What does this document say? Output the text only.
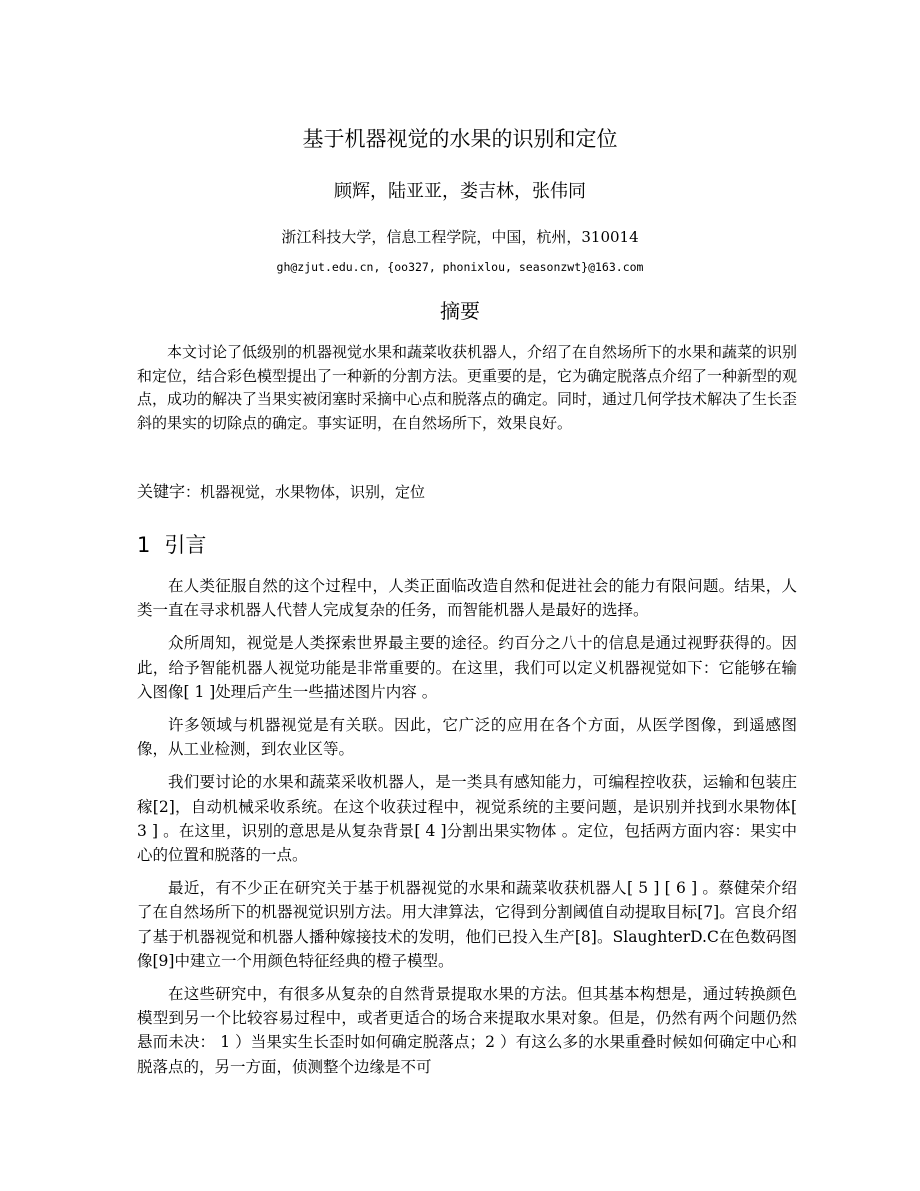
基于机器视觉的水果的识别和定位
顾辉，陆亚亚，娄吉林，张伟同
浙江科技大学，信息工程学院，中国，杭州，310014
gh@zjut.edu.cn, {oo327, phonixlou, seasonzwt}@163.com
摘要

本文讨论了低级别的机器视觉水果和蔬菜收获机器人，介绍了在自然场所下的水果和蔬菜的识别和定位，结合彩色模型提出了一种新的分割方法。更重要的是，它为确定脱落点介绍了一种新型的观点，成功的解决了当果实被闭塞时采摘中心点和脱落点的确定。同时，通过几何学技术解决了生长歪斜的果实的切除点的确定。事实证明，在自然场所下，效果良好。

关键字：机器视觉，水果物体，识别，定位
1 引言

在人类征服自然的这个过程中，人类正面临改造自然和促进社会的能力有限问题。结果，人类一直在寻求机器人代替人完成复杂的任务，而智能机器人是最好的选择。

众所周知，视觉是人类探索世界最主要的途径。约百分之八十的信息是通过视野获得的。因此，给予智能机器人视觉功能是非常重要的。在这里，我们可以定义机器视觉如下：它能够在输入图像[ 1 ]处理后产生一些描述图片内容 。

许多领域与机器视觉是有关联。因此，它广泛的应用在各个方面，从医学图像，到遥感图像，从工业检测，到农业区等。

我们要讨论的水果和蔬菜采收机器人，是一类具有感知能力，可编程控收获，运输和包装庄稼[2]，自动机械采收系统。在这个收获过程中，视觉系统的主要问题，是识别并找到水果物体[ 3 ] 。在这里，识别的意思是从复杂背景[ 4 ]分割出果实物体 。定位，包括两方面内容：果实中心的位置和脱落的一点。

最近，有不少正在研究关于基于机器视觉的水果和蔬菜收获机器人[ 5 ] [ 6 ] 。蔡健荣介绍了在自然场所下的机器视觉识别方法。用大津算法，它得到分割阈值自动提取目标[7]。宫良介绍了基于机器视觉和机器人播种嫁接技术的发明，他们已投入生产[8]。SlaughterD.C在色数码图像[9]中建立一个用颜色特征经典的橙子模型。

在这些研究中，有很多从复杂的自然背景提取水果的方法。但其基本构想是，通过转换颜色模型到另一个比较容易过程中，或者更适合的场合来提取水果对象。但是，仍然有两个问题仍然悬而未决： 1 ）当果实生长歪时如何确定脱落点；2 ）有这么多的水果重叠时候如何确定中心和脱落点的，另一方面，侦测整个边缘是不可
